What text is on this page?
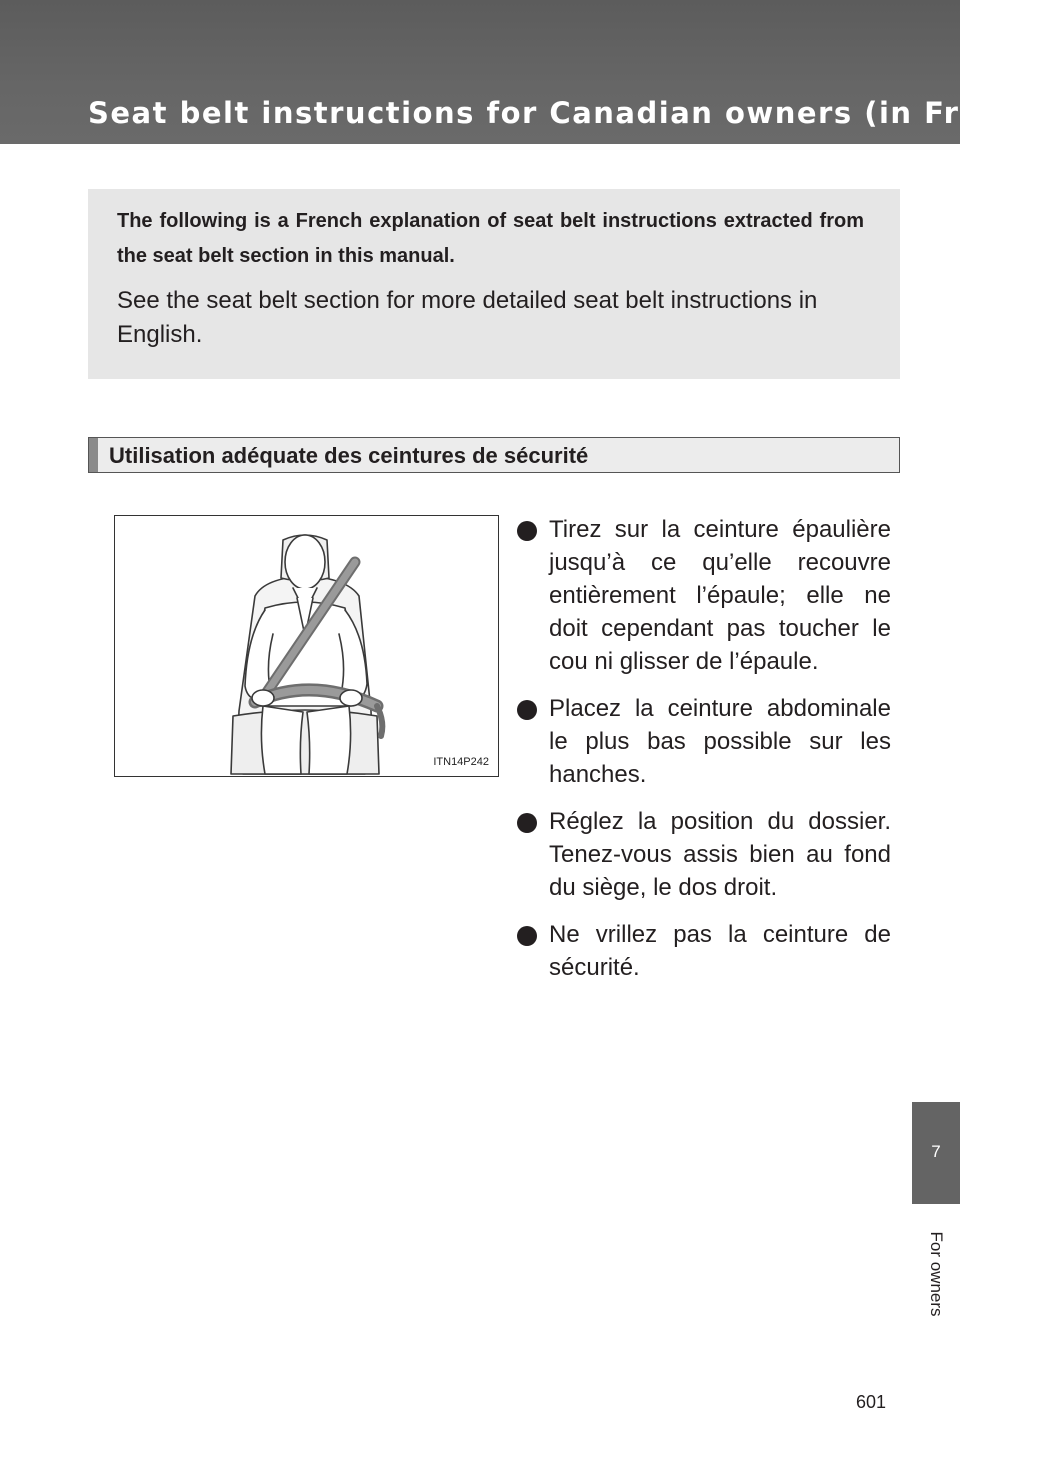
Seat belt instructions for Canadian owners (in French)

The following is a French explanation of seat belt instructions extracted from the seat belt section in this manual.

See the seat belt section for more detailed seat belt instructions in English.

Utilisation adéquate des ceintures de sécurité
ITN14P242
Tirez sur la ceinture épaulière jusqu’à ce qu’elle recouvre entièrement l’épaule; elle ne doit cependant pas toucher le cou ni glisser de l’épaule.
Placez la ceinture abdominale le plus bas possible sur les hanches.
Réglez la position du dossier. Tenez-vous assis bien au fond du siège, le dos droit.
Ne vrillez pas la ceinture de sécurité.
7
For owners
601
